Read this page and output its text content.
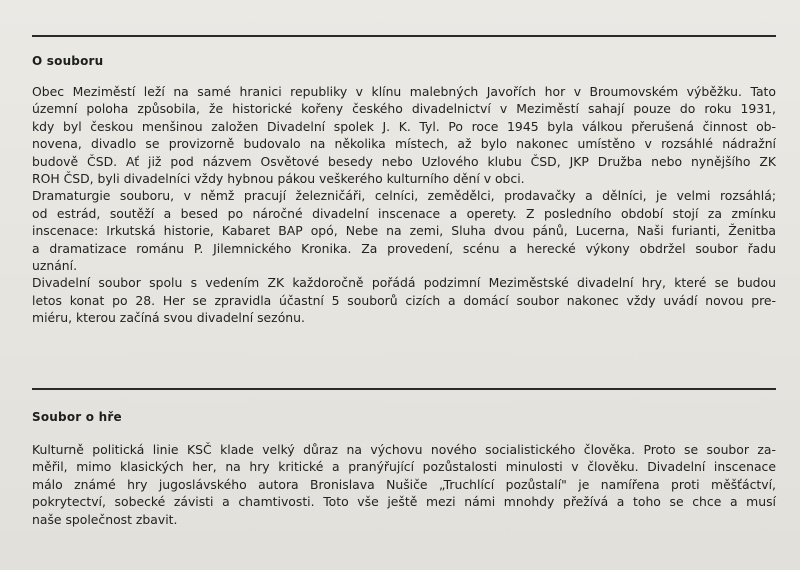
O souboru
Obec Meziměstí leží na samé hranici republiky v klínu malebných Javořích hor v Broumovském výběžku. Tato
územní poloha způsobila, že historické kořeny českého divadelnictví v Meziměstí sahají pouze do roku 1931,
kdy byl českou menšinou založen Divadelní spolek J. K. Tyl. Po roce 1945 byla válkou přerušená činnost ob-
novena, divadlo se provizorně budovalo na několika místech, až bylo nakonec umístěno v rozsáhlé nádražní
budově ČSD. Ať již pod názvem Osvětové besedy nebo Uzlového klubu ČSD, JKP Družba nebo nynějšího ZK
ROH ČSD, byli divadelníci vždy hybnou pákou veškerého kulturního dění v obci.
Dramaturgie souboru, v němž pracují železničáři, celníci, zemědělci, prodavačky a dělníci, je velmi rozsáhlá;
od estrád, soutěží a besed po náročné divadelní inscenace a operety. Z posledního období stojí za zmínku
inscenace: Irkutská historie, Kabaret BAP opó, Nebe na zemi, Sluha dvou pánů, Lucerna, Naši furianti, Ženitba
a dramatizace románu P. Jilemnického Kronika. Za provedení, scénu a herecké výkony obdržel soubor řadu
uznání.
Divadelní soubor spolu s vedením ZK každoročně pořádá podzimní Meziměstské divadelní hry, které se budou
letos konat po 28. Her se zpravidla účastní 5 souborů cizích a domácí soubor nakonec vždy uvádí novou pre-
miéru, kterou začíná svou divadelní sezónu.
Soubor o hře
Kulturně politická linie KSČ klade velký důraz na výchovu nového socialistického člověka. Proto se soubor za-
měřil, mimo klasických her, na hry kritické a pranýřující pozůstalosti minulosti v člověku. Divadelní inscenace
málo známé hry jugoslávského autora Bronislava Nušiče „Truchlící pozůstalí" je namířena proti měšťáctví,
pokrytectví, sobecké závisti a chamtivosti. Toto vše ještě mezi námi mnohdy přežívá a toho se chce a musí
naše společnost zbavit.
